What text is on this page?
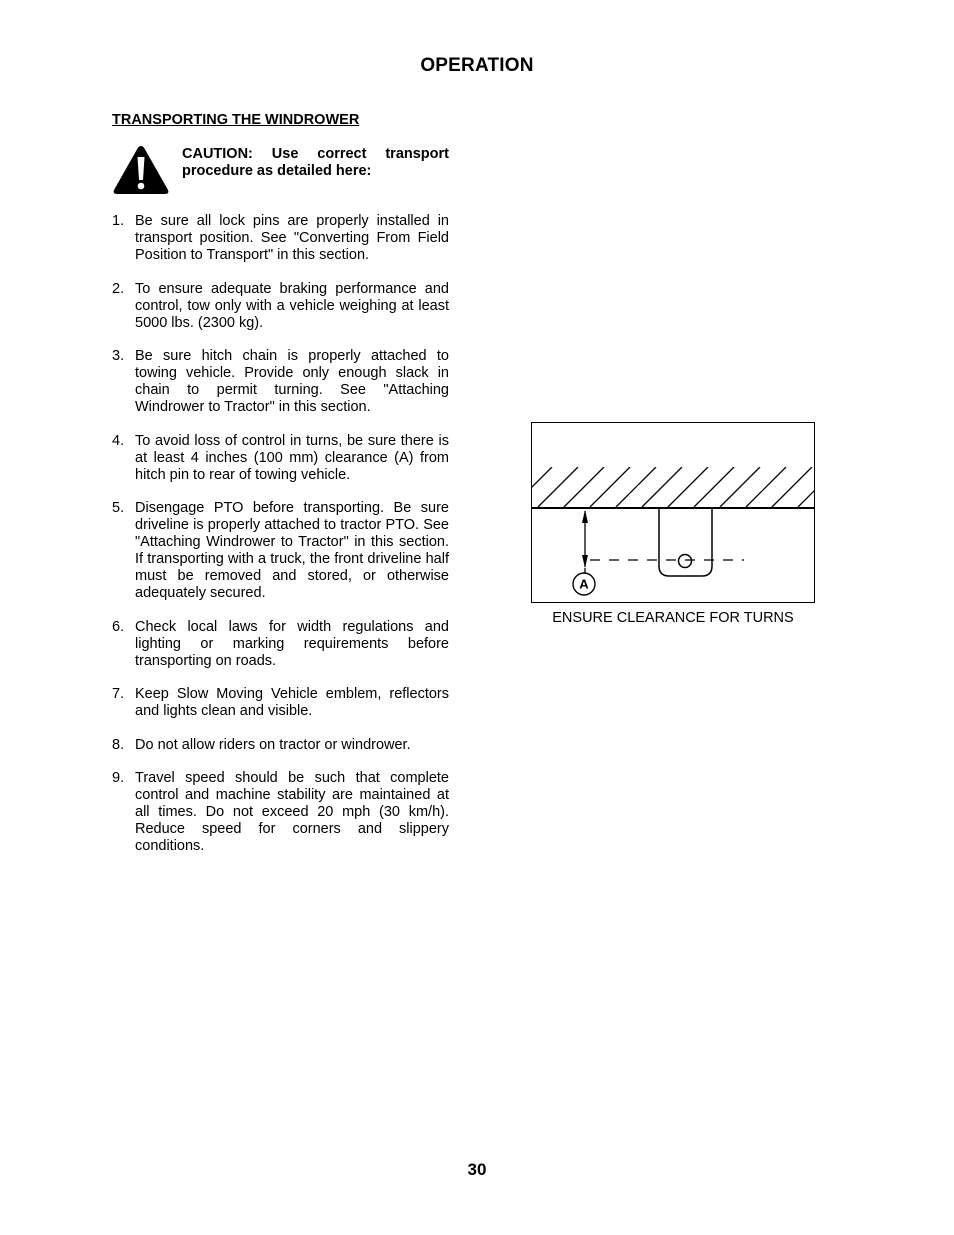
OPERATION
TRANSPORTING THE WINDROWER
CAUTION: Use correct transport procedure as detailed here:
1. Be sure all lock pins are properly installed in transport position. See "Converting From Field Position to Transport" in this section.
2. To ensure adequate braking performance and control, tow only with a vehicle weighing at least 5000 lbs. (2300 kg).
3. Be sure hitch chain is properly attached to towing vehicle. Provide only enough slack in chain to permit turning. See "Attaching Windrower to Tractor" in this section.
4. To avoid loss of control in turns, be sure there is at least 4 inches (100 mm) clearance (A) from hitch pin to rear of towing vehicle.
5. Disengage PTO before transporting. Be sure driveline is properly attached to tractor PTO. See "Attaching Windrower to Tractor" in this section. If transporting with a truck, the front driveline half must be removed and stored, or otherwise adequately secured.
6. Check local laws for width regulations and lighting or marking requirements before transporting on roads.
7. Keep Slow Moving Vehicle emblem, reflectors and lights clean and visible.
8. Do not allow riders on tractor or windrower.
9. Travel speed should be such that complete control and machine stability are maintained at all times. Do not exceed 20 mph (30 km/h). Reduce speed for corners and slippery conditions.
A
ENSURE CLEARANCE FOR TURNS
30
